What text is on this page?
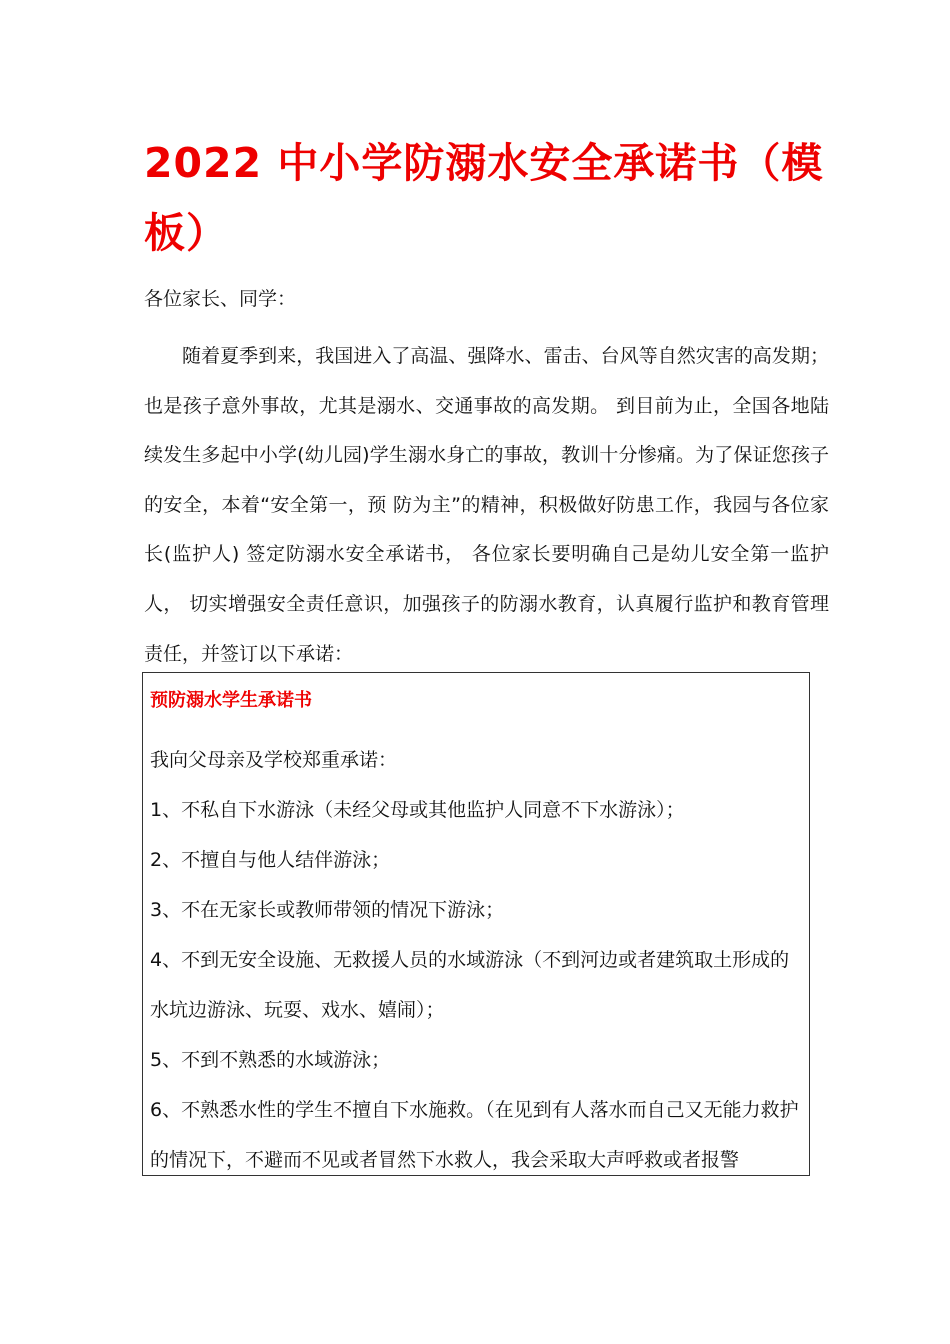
2022 中小学防溺水安全承诺书（模板）
各位家长、同学：
随着夏季到来，我国进入了高温、强降水、雷击、台风等自然灾害的高发期；也是孩子意外事故，尤其是溺水、交通事故的高发期。 到目前为止，全国各地陆续发生多起中小学(幼儿园)学生溺水身亡的事故，教训十分惨痛。为了保证您孩子的安全，本着“安全第一，预 防为主”的精神，积极做好防患工作，我园与各位家长(监护人) 签定防溺水安全承诺书， 各位家长要明确自己是幼儿安全第一监护人， 切实增强安全责任意识，加强孩子的防溺水教育，认真履行监护和教育管理责任，并签订以下承诺：
预防溺水学生承诺书
我向父母亲及学校郑重承诺：
1、不私自下水游泳（未经父母或其他监护人同意不下水游泳）；
2、不擅自与他人结伴游泳；
3、不在无家长或教师带领的情况下游泳；
4、不到无安全设施、无救援人员的水域游泳（不到河边或者建筑取土形成的水坑边游泳、玩耍、戏水、嬉闹）；
5、不到不熟悉的水域游泳；
6、不熟悉水性的学生不擅自下水施救。（在见到有人落水而自己又无能力救护的情况下，不避而不见或者冒然下水救人，我会采取大声呼救或者报警
